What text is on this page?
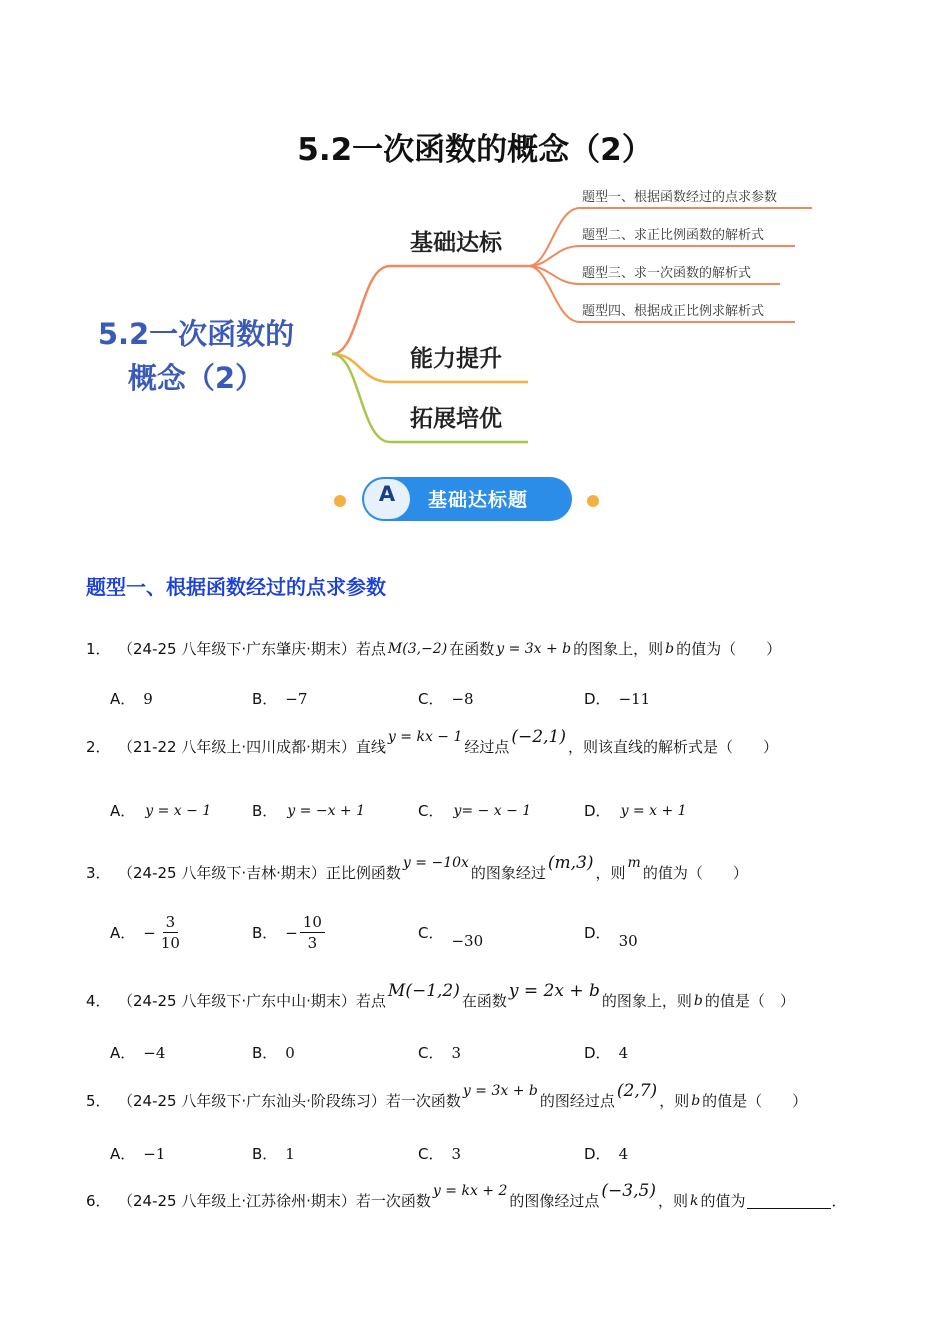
5.2一次函数的概念（2）
5.2一次函数的
概念（2）
基础达标
能力提升
拓展培优
题型一、根据函数经过的点求参数
题型二、求正比例函数的解析式
题型三、求一次函数的解析式
题型四、根据成正比例求解析式
A	基础达标题
题型一、根据函数经过的点求参数
1． （24-25 八年级下·广东肇庆·期末） 若点 M(3,−2) 在函数 y = 3x + b 的图象上，则 b 的值为（　　）
A． 9	B． −7	C． −8	D． −11
2． （21-22 八年级上·四川成都·期末） 直线
y = kx − 1
经过点
(−2,1)
，则该直线的解析式是（　　）
A． y = x − 1	B． y = −x + 1	C． y= − x − 1	D． y = x + 1
3． （24-25 八年级下·吉林·期末） 正比例函数
y = −10x
的图象经过
(m,3)
，则
m
的值为（　　）
A． − $\frac{3}{10}$	B． − $\frac{10}{3}$	C． −30	D． 30
4． （24-25 八年级下·广东中山·期末） 若点
M(−1,2)
在函数
y = 2x + b
的图象上，则 b 的值是（　）
A． −4	B． 0	C． 3	D． 4
5． （24-25 八年级下·广东汕头·阶段练习） 若一次函数
y = 3x + b
的图经过点
(2,7)
，则 b 的值是（　　）
A． −1	B． 1	C． 3	D． 4
6． （24-25 八年级上·江苏徐州·期末） 若一次函数
y = kx + 2
的图像经过点
(−3,5)
，则 k 的值为	．
